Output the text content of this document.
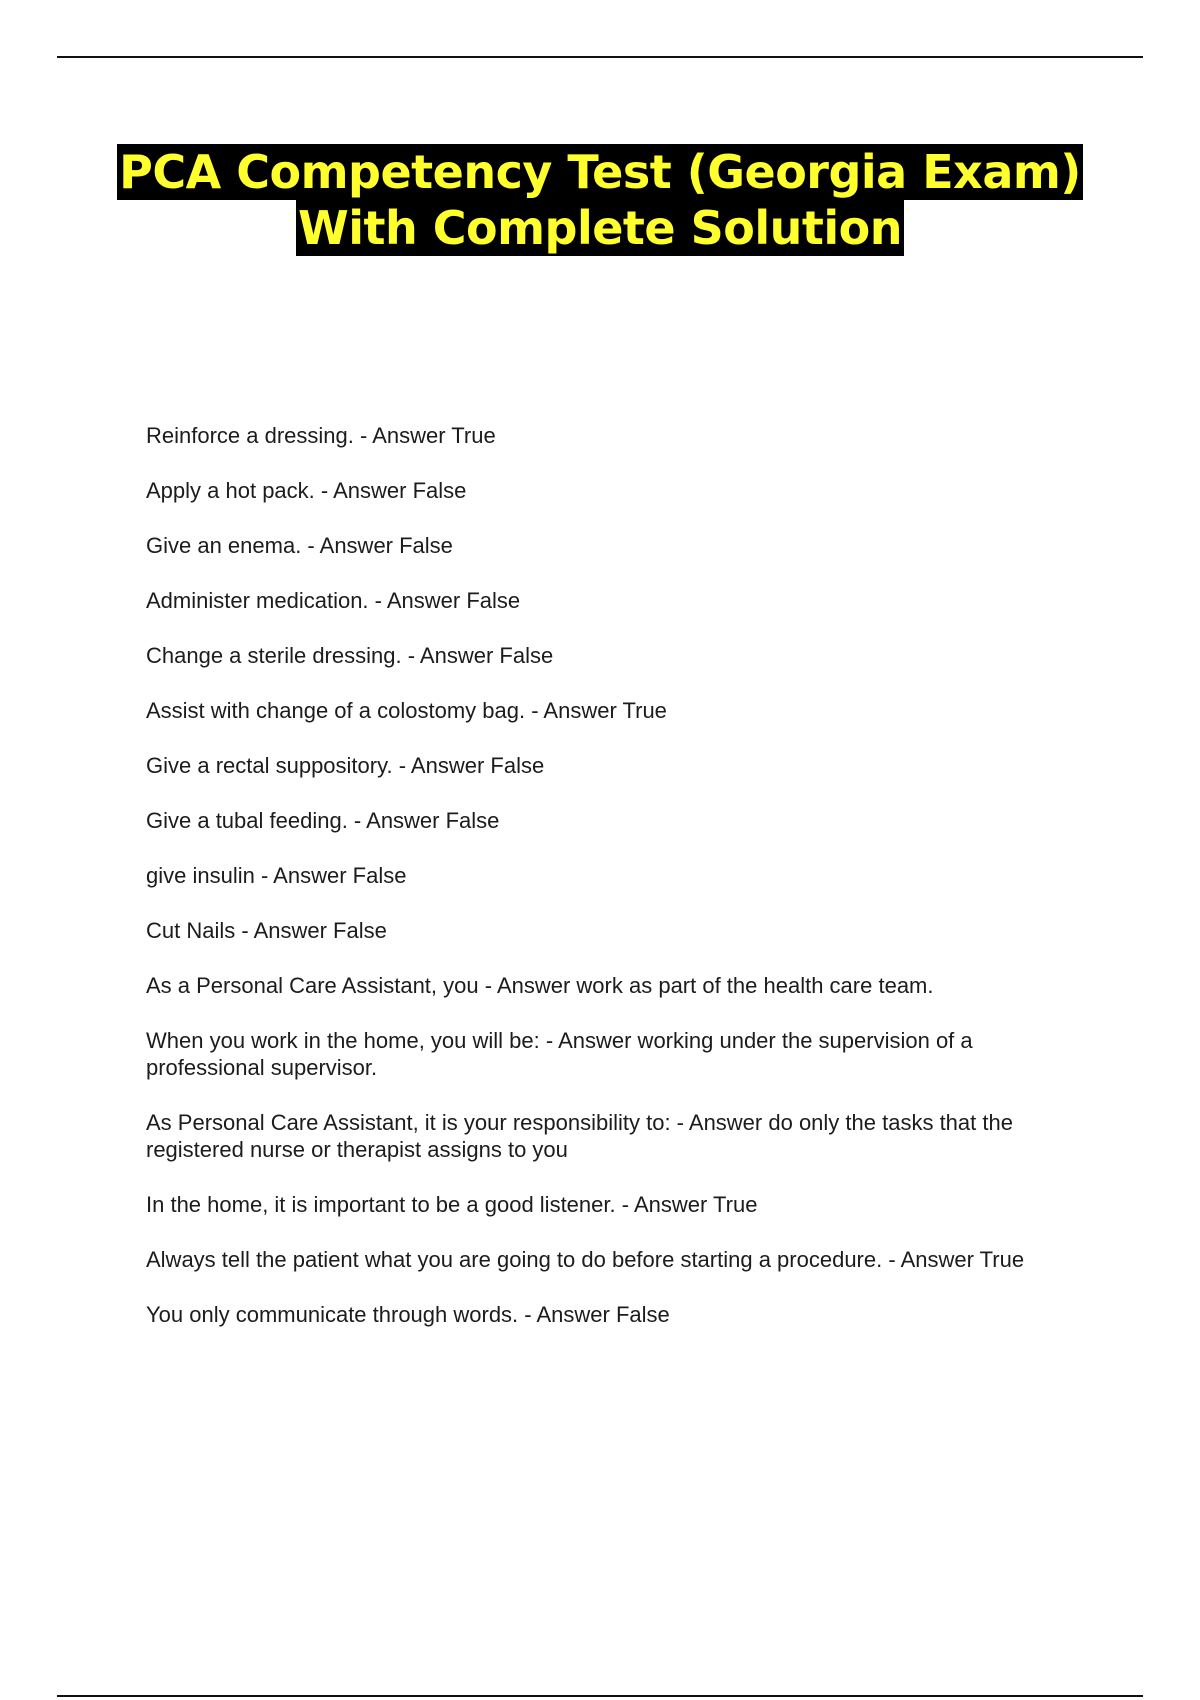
PCA Competency Test (Georgia Exam)
With Complete Solution
Reinforce a dressing. - Answer True
Apply a hot pack. - Answer False
Give an enema. - Answer False
Administer medication. - Answer False
Change a sterile dressing. - Answer False
Assist with change of a colostomy bag. - Answer True
Give a rectal suppository. - Answer False
Give a tubal feeding. - Answer False
give insulin - Answer False
Cut Nails - Answer False
As a Personal Care Assistant, you - Answer work as part of the health care team.
When you work in the home, you will be: - Answer working under the supervision of a professional supervisor.
As Personal Care Assistant, it is your responsibility to: - Answer do only the tasks that the registered nurse or therapist assigns to you
In the home, it is important to be a good listener. - Answer True
Always tell the patient what you are going to do before starting a procedure. - Answer True
You only communicate through words. - Answer False
